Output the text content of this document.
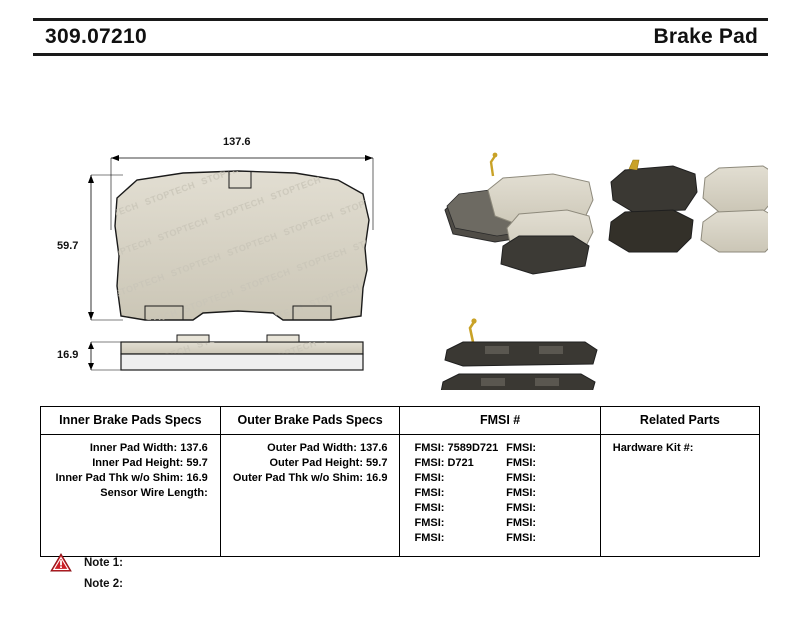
309.07210	Brake Pad
137.6
59.7
16.9
Inner Brake Pads Specs	Outer Brake Pads Specs	FMSI #	Related Parts

Inner Pad Width: 137.6
Inner Pad Height: 59.7
Inner Pad Thk w/o Shim: 16.9
Sensor Wire Length:

Outer Pad Width: 137.6
Outer Pad Height: 59.7
Outer Pad Thk w/o Shim: 16.9

FMSI: 7589D721 FMSI:
FMSI: D721	FMSI:
FMSI:	FMSI:
FMSI:	FMSI:
FMSI:	FMSI:
FMSI:	FMSI:
FMSI:	FMSI:

Hardware Kit #:
Note 1:
Note 2:
